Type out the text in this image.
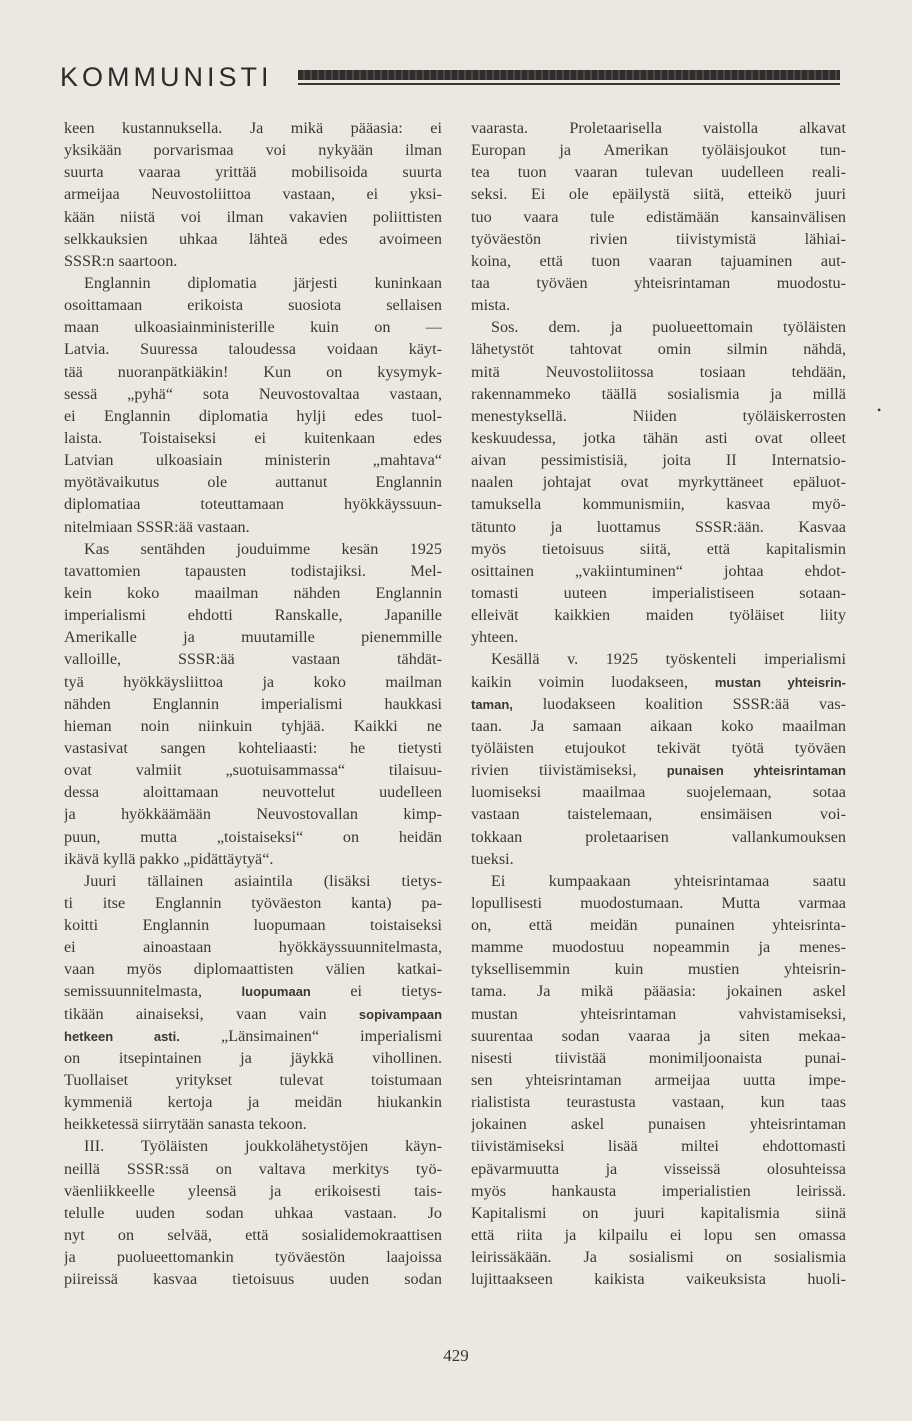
KOMMUNISTI
keen kustannuksella. Ja mikä pääasia: ei
yksikään porvarismaa voi nykyään ilman
suurta vaaraa yrittää mobilisoida suurta
armeijaa Neuvostoliittoa vastaan, ei yksi-
kään niistä voi ilman vakavien poliittisten
selkkauksien uhkaa lähteä edes avoimeen
SSSR:n saartoon.
Englannin diplomatia järjesti kuninkaan
osoittamaan erikoista suosiota sellaisen
maan ulkoasiainministerille kuin on —
Latvia. Suuressa taloudessa voidaan käyt-
tää nuoranpätkiäkin! Kun on kysymyk-
sessä „pyhä“ sota Neuvostovaltaa vastaan,
ei Englannin diplomatia hylji edes tuol-
laista. Toistaiseksi ei kuitenkaan edes
Latvian ulkoasiain ministerin „mahtava“
myötävaikutus ole auttanut Englannin
diplomatiaa toteuttamaan hyökkäyssuun-
nitelmiaan SSSR:ää vastaan.
Kas sentähden jouduimme kesän 1925
tavattomien tapausten todistajiksi. Mel-
kein koko maailman nähden Englannin
imperialismi ehdotti Ranskalle, Japanille
Amerikalle ja muutamille pienemmille
valloille, SSSR:ää vastaan tähdät-
tyä hyökkäysliittoa ja koko mailman
nähden Englannin imperialismi haukkasi
hieman noin niinkuin tyhjää. Kaikki ne
vastasivat sangen kohteliaasti: he tietysti
ovat valmiit „suotuisammassa“ tilaisuu-
dessa aloittamaan neuvottelut uudelleen
ja hyökkäämään Neuvostovallan kimp-
puun, mutta „toistaiseksi“ on heidän
ikävä kyllä pakko „pidättäytyä“.
Juuri tällainen asiaintila (lisäksi tietys-
ti itse Englannin työväeston kanta) pa-
koitti Englannin luopumaan toistaiseksi
ei ainoastaan hyökkäyssuunnitelmasta,
vaan myös diplomaattisten välien katkai-
semissuunnitelmasta,	luopumaan ei tietys-
tikään ainaiseksi, vaan vain sopivampaan
hetkeen asti.	„Länsimainen“ imperialismi
on itsepintainen ja jäykkä vihollinen.
Tuollaiset yritykset tulevat toistumaan
kymmeniä kertoja ja meidän hiukankin
heikketessä siirrytään sanasta tekoon.
III. Työläisten joukkolähetystöjen käyn-
neillä SSSR:ssä on valtava merkitys työ-
väenliikkeelle yleensä ja erikoisesti tais-
telulle uuden sodan uhkaa vastaan. Jo
nyt on selvää, että sosialidemokraattisen
ja puolueettomankin työväestön laajoissa
piireissä kasvaa tietoisuus uuden sodan
vaarasta. Proletaarisella vaistolla alkavat
Europan ja Amerikan työläisjoukot tun-
tea tuon vaaran tulevan uudelleen reali-
seksi. Ei ole epäilystä siitä, etteikö juuri
tuo vaara tule edistämään kansainvälisen
työväestön rivien tiivistymistä lähiai-
koina, että tuon vaaran tajuaminen aut-
taa työväen yhteisrintaman muodostu-
mista.
Sos. dem. ja puolueettomain työläisten
lähetystöt tahtovat omin silmin nähdä,
mitä Neuvostoliitossa tosiaan tehdään,
rakennammeko täällä sosialismia ja millä
menestyksellä. Niiden työläiskerrosten
keskuudessa, jotka tähän asti ovat olleet
aivan pessimistisiä, joita II Internatsio-
naalen johtajat ovat myrkyttäneet epäluot-
tamuksella kommunismiin, kasvaa myö-
tätunto ja luottamus SSSR:ään. Kasvaa
myös tietoisuus siitä, että kapitalismin
osittainen „vakiintuminen“ johtaa ehdot-
tomasti uuteen imperialistiseen sotaan-
elleivät kaikkien maiden työläiset liity
yhteen.
Kesällä v. 1925 työskenteli imperialismi
kaikin voimin luodakseen, mustan yhteisrin-
taman, luodakseen koalition SSSR:ää vas-
taan. Ja samaan aikaan koko maailman
työläisten etujoukot tekivät työtä työväen
rivien tiivistämiseksi, punaisen yhteisrintaman
luomiseksi maailmaa suojelemaan, sotaa
vastaan taistelemaan, ensimäisen voi-
tokkaan proletaarisen vallankumouksen
tueksi.
Ei kumpaakaan yhteisrintamaa saatu
lopullisesti muodostumaan. Mutta varmaa
on, että meidän punainen yhteisrinta-
mamme muodostuu nopeammin ja menes-
tyksellisemmin kuin mustien yhteisrin-
tama. Ja mikä pääasia: jokainen askel
mustan yhteisrintaman vahvistamiseksi,
suurentaa sodan vaaraa ja siten mekaa-
nisesti tiivistää monimiljoonaista punai-
sen yhteisrintaman armeijaa uutta impe-
rialistista teurastusta vastaan, kun taas
jokainen askel punaisen yhteisrintaman
tiivistämiseksi lisää miltei ehdottomasti
epävarmuutta ja visseissä olosuhteissa
myös hankausta imperialistien leirissä.
Kapitalismi on juuri kapitalismia siinä
että riita ja kilpailu ei lopu sen omassa
leirissäkään. Ja sosialismi on sosialismia
lujittaakseen kaikista vaikeuksista huoli-
•
429
